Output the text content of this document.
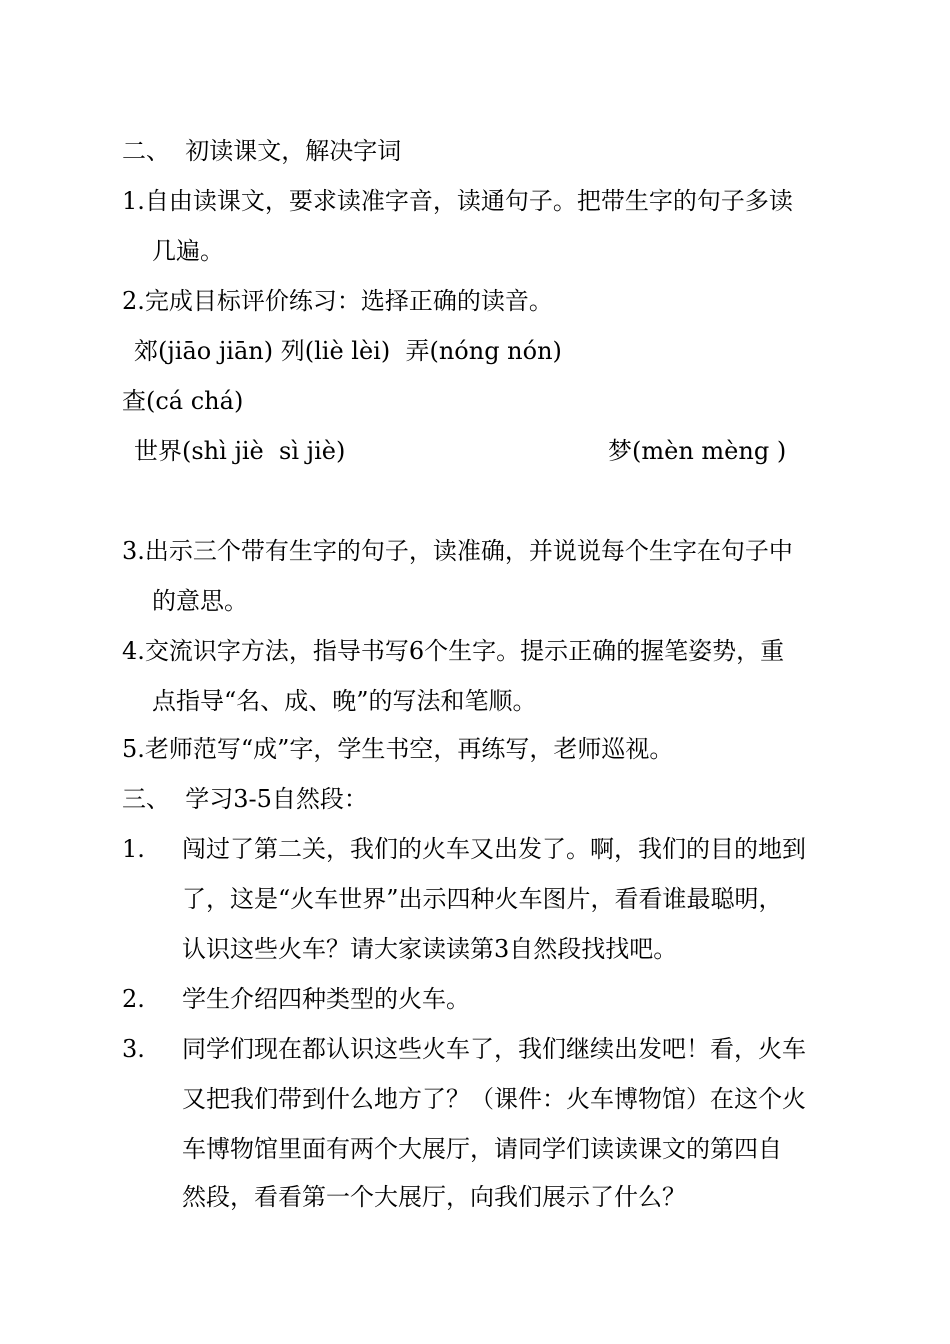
二、  初读课文，解决字词
1.自由读课文，要求读准字音，读通句子。把带生字的句子多读
几遍。
2.完成目标评价练习：选择正确的读音。
郊(jiāo jiān) 列(liè lèi)  弄(nóng nón)
查(cá chá)
世界(shì jiè  sì jiè)	梦(mèn mèng )
3.出示三个带有生字的句子，读准确，并说说每个生字在句子中
的意思。
4.交流识字方法，指导书写6个生字。提示正确的握笔姿势，重
点指导“名、成、晚”的写法和笔顺。
5.老师范写“成”字，学生书空，再练写，老师巡视。
三、  学习3-5自然段：
1. 闯过了第二关，我们的火车又出发了。啊，我们的目的地到
了，这是“火车世界”出示四种火车图片，看看谁最聪明，
认识这些火车？请大家读读第3自然段找找吧。
2. 学生介绍四种类型的火车。
3. 同学们现在都认识这些火车了，我们继续出发吧！看，火车
又把我们带到什么地方了？（课件：火车博物馆）在这个火
车博物馆里面有两个大展厅，请同学们读读课文的第四自
然段，看看第一个大展厅，向我们展示了什么？
